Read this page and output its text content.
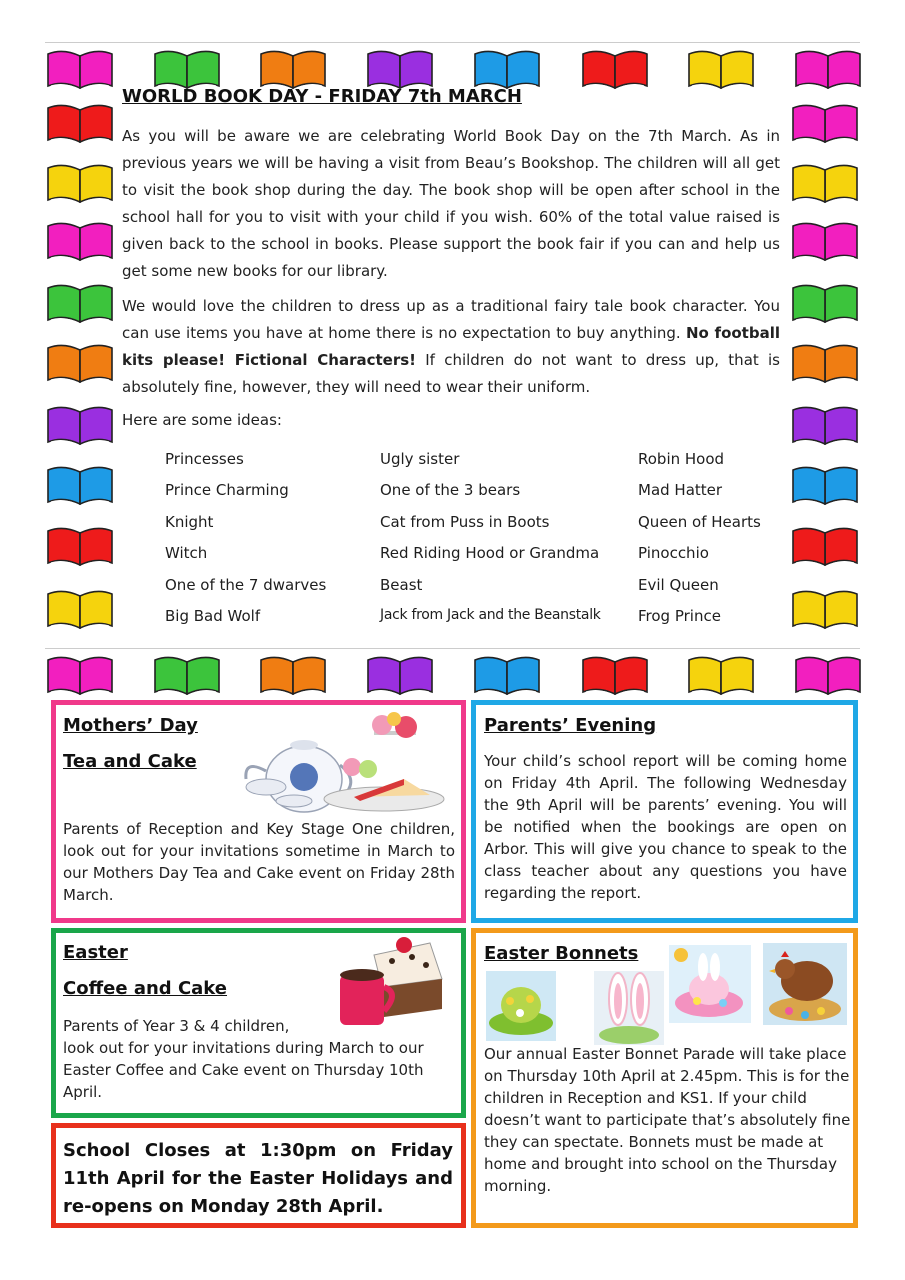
WORLD BOOK DAY - FRIDAY 7th MARCH

As you will be aware we are celebrating World Book Day on the 7th March. As in previous years we will be having a visit from Beau’s Bookshop. The children will all get to visit the book shop during the day. The book shop will be open after school in the school hall for you to visit with your child if you wish. 60% of the total value raised is given back to the school in books. Please support the book fair if you can and help us get some new books for our library.

We would love the children to dress up as a traditional fairy tale book character. You can use items you have at home there is no expectation to buy anything. No football kits please! Fictional Characters! If children do not want to dress up, that is absolutely fine, however, they will need to wear their uniform.

Here are some ideas:

Princesses

Prince Charming

Knight

Witch

One of the 7 dwarves

Big Bad Wolf

Ugly sister

One of the 3 bears

Cat from Puss in Boots

Red Riding Hood or Grandma

Beast

Jack from Jack and the Beanstalk

Robin Hood

Mad Hatter

Queen of Hearts

Pinocchio

Evil Queen

Frog Prince

Mothers’ Day

Tea and Cake

Parents of Reception and Key Stage One children, look out for your invitations sometime in March to our Mothers Day Tea and Cake event on Friday 28th March.

Parents’ Evening

Your child’s school report will be coming home on Friday 4th April. The following Wednesday the 9th April will be parents’ evening. You will be notified when the bookings are open on Arbor. This will give you chance to speak to the class teacher about any questions you have regarding the report.

Easter

Coffee and Cake

Parents of Year 3 & 4 children,

look out for your invitations during March to our Easter Coffee and Cake event on Thursday 10th April.

Easter Bonnets

Our annual Easter Bonnet Parade will take place on Thursday 10th April at 2.45pm. This is for the children in Reception and KS1. If your child doesn’t want to participate that’s absolutely fine they can spectate. Bonnets must be made at home and brought into school on the Thursday morning.

School Closes at 1:30pm on Friday 11th April for the Easter Holidays and re-opens on Monday 28th April.
